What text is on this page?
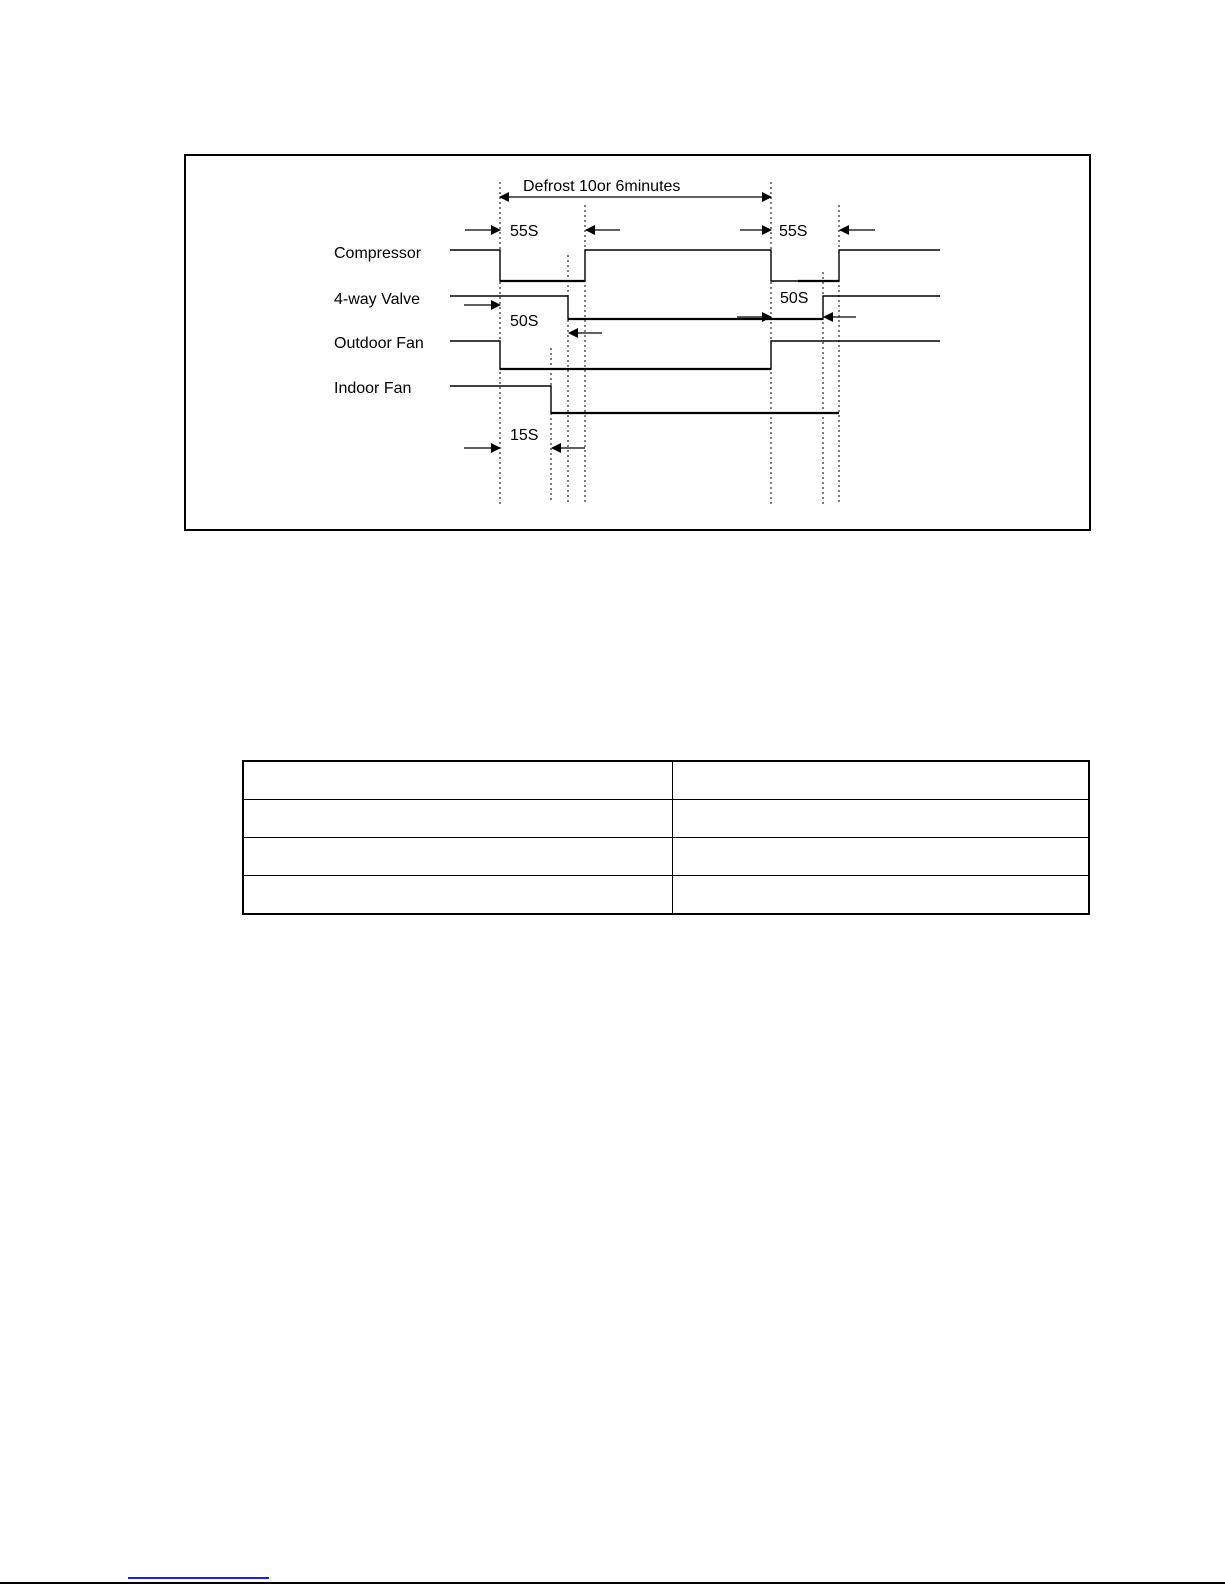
Compressor
4-way Valve
Outdoor Fan
Indoor Fan
Defrost 10or 6minutes
55S	55S
50S
50S
15S
